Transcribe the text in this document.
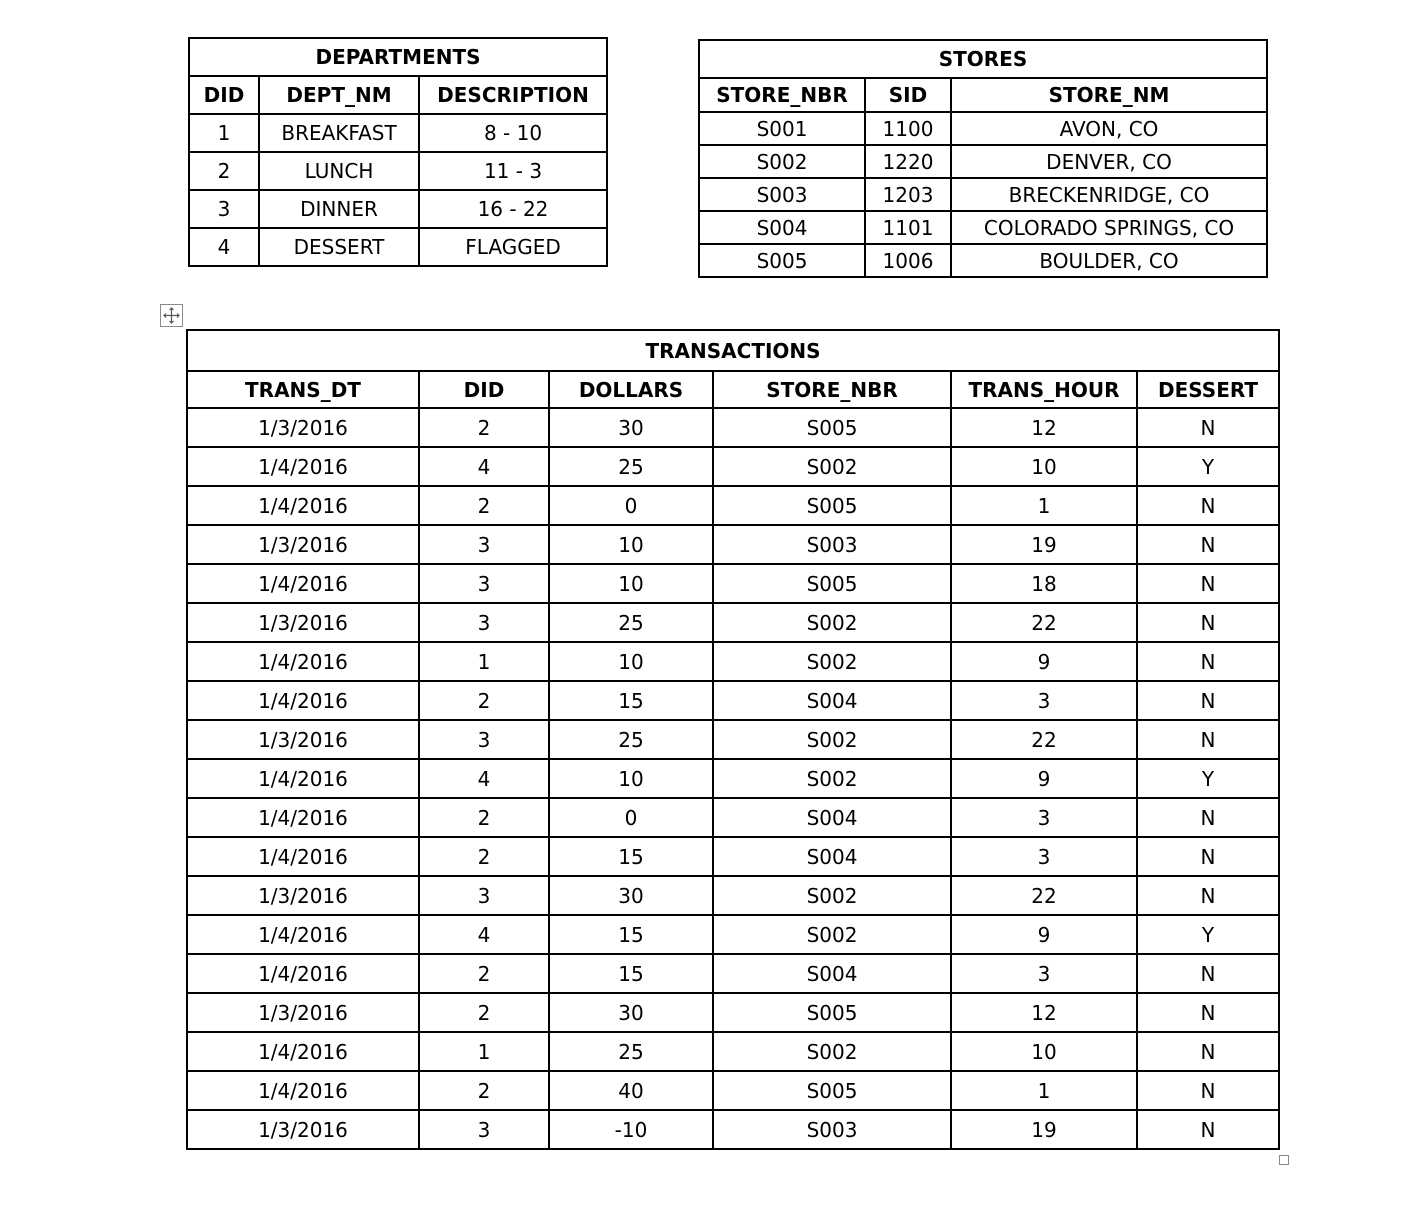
DEPARTMENTS		
DID	DEPT_NM	DESCRIPTION
1	BREAKFAST	8 - 10
2	LUNCH	11 - 3
3	DINNER	16 - 22
4	DESSERT	FLAGGED
STORES		
STORE_NBR	SID	STORE_NM
S001	1100	AVON, CO
S002	1220	DENVER, CO
S003	1203	BRECKENRIDGE, CO
S004	1101	COLORADO SPRINGS, CO
S005	1006	BOULDER, CO
TRANSACTIONS					
TRANS_DT	DID	DOLLARS	STORE_NBR	TRANS_HOUR	DESSERT
1/3/2016	2	30	S005	12	N
1/4/2016	4	25	S002	10	Y
1/4/2016	2	0	S005	1	N
1/3/2016	3	10	S003	19	N
1/4/2016	3	10	S005	18	N
1/3/2016	3	25	S002	22	N
1/4/2016	1	10	S002	9	N
1/4/2016	2	15	S004	3	N
1/3/2016	3	25	S002	22	N
1/4/2016	4	10	S002	9	Y
1/4/2016	2	0	S004	3	N
1/4/2016	2	15	S004	3	N
1/3/2016	3	30	S002	22	N
1/4/2016	4	15	S002	9	Y
1/4/2016	2	15	S004	3	N
1/3/2016	2	30	S005	12	N
1/4/2016	1	25	S002	10	N
1/4/2016	2	40	S005	1	N
1/3/2016	3	-10	S003	19	N
